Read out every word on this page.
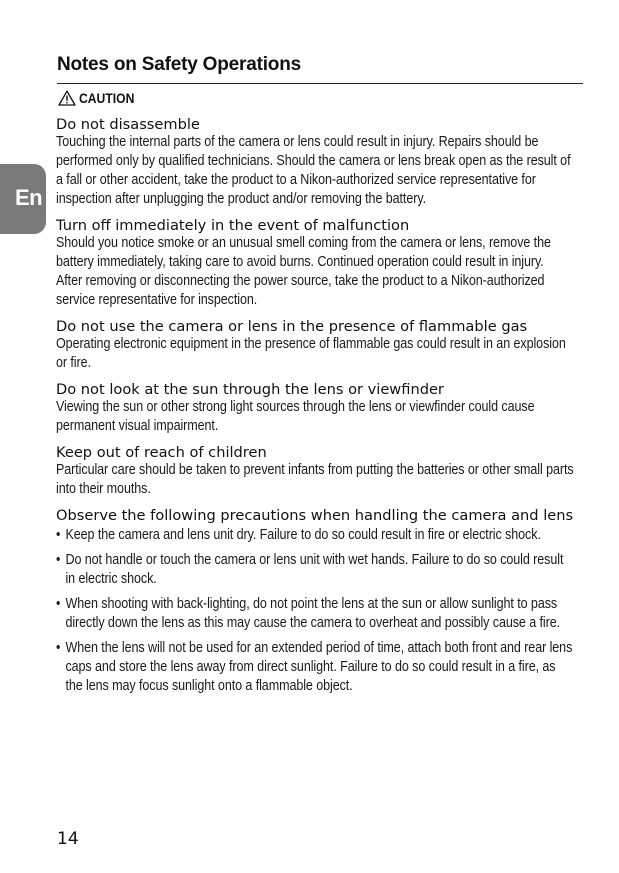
Notes on Safety Operations
CAUTION
En
Do not disassemble

Touching the internal parts of the camera or lens could result in injury. Repairs should be performed only by qualified technicians. Should the camera or lens break open as the result of a fall or other accident, take the product to a Nikon-authorized service representative for inspection after unplugging the product and/or removing the battery.

Turn off immediately in the event of malfunction

Should you notice smoke or an unusual smell coming from the camera or lens, remove the battery immediately, taking care to avoid burns. Continued operation could result in injury.

After removing or disconnecting the power source, take the product to a Nikon-authorized service representative for inspection.

Do not use the camera or lens in the presence of flammable gas

Operating electronic equipment in the presence of flammable gas could result in an explosion or fire.

Do not look at the sun through the lens or viewfinder

Viewing the sun or other strong light sources through the lens or viewfinder could cause permanent visual impairment.

Keep out of reach of children

Particular care should be taken to prevent infants from putting the batteries or other small parts into their mouths.

Observe the following precautions when handling the camera and lens
• Keep the camera and lens unit dry. Failure to do so could result in fire or electric shock.
• Do not handle or touch the camera or lens unit with wet hands. Failure to do so could result in electric shock.
• When shooting with back-lighting, do not point the lens at the sun or allow sunlight to pass directly down the lens as this may cause the camera to overheat and possibly cause a fire.
• When the lens will not be used for an extended period of time, attach both front and rear lens caps and store the lens away from direct sunlight. Failure to do so could result in a fire, as the lens may focus sunlight onto a flammable object.
14
